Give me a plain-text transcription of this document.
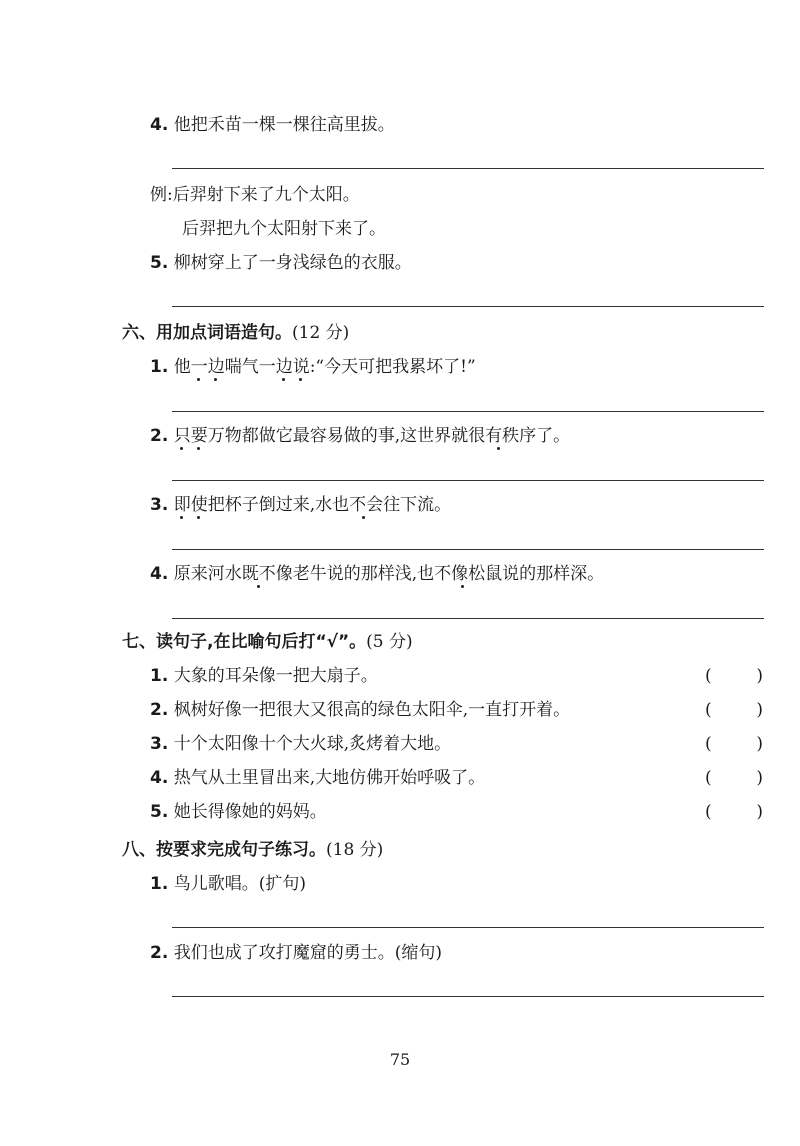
4. 他把禾苗一棵一棵往高里拔。
例:后羿射下来了九个太阳。
后羿把九个太阳射下来了。
5. 柳树穿上了一身浅绿色的衣服。
六、用加点词语造句。(12 分)
1. 他一边喘气一边说:“今天可把我累坏了!”
2. 只要万物都做它最容易做的事,这世界就很有秩序了。
3. 即使把杯子倒过来,水也不会往下流。
4. 原来河水既不像老牛说的那样浅,也不像松鼠说的那样深。
七、读句子,在比喻句后打“√”。(5 分)
1. 大象的耳朵像一把大扇子。	(	)
2. 枫树好像一把很大又很高的绿色太阳伞,一直打开着。	(	)
3. 十个太阳像十个大火球,炙烤着大地。	(	)
4. 热气从土里冒出来,大地仿佛开始呼吸了。	(	)
5. 她长得像她的妈妈。	(	)
八、按要求完成句子练习。(18 分)
1. 鸟儿歌唱。(扩句)
2. 我们也成了攻打魔窟的勇士。(缩句)
75
